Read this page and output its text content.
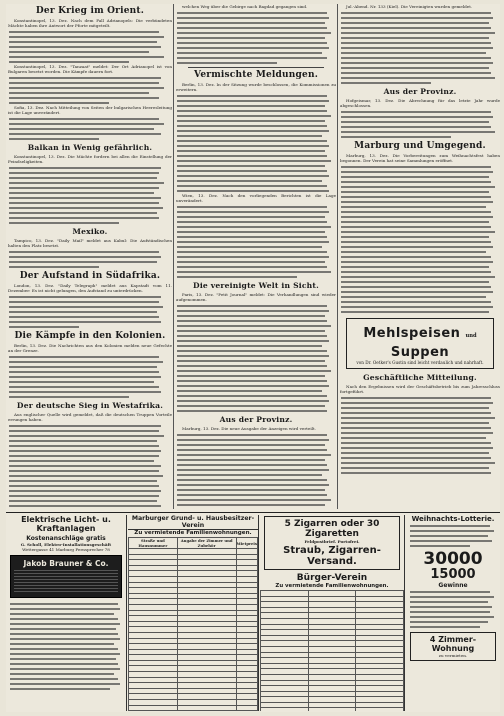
Der Krieg im Orient.

Konstantinopel, 13. Dez. Nach dem Fall Adrianopels: Die verbündeten Mächte haben ihre Antwort der Pforte mitgeteilt.

Konstantinopel, 13. Dez. "Tanzaat" meldet: Der Ort Adrianopel ist von Bulgaren besetzt worden. Die Kämpfe dauern fort.

Sofia, 13. Dez. Nach Mitteilung von Seiten der bulgarischen Heeresleitung ist die Lage unverändert.

Balkan in Wenig gefährlich.

Konstantinopel, 13. Dez. Die Mächte fordern bei allen die Einstellung der Feindseligkeiten.

Mexiko.

Tampico, 13. Dez. "Daily Mail" meldet aus Kabul: Die Aufständischen halten den Platz besetzt.

Der Aufstand in Südafrika.

London, 13. Dez. "Daily Telegraph" meldet aus Kapstadt vom 11. Dezember: Es ist nicht gelungen, den Aufstand zu unterdrücken.

Die Kämpfe in den Kolonien.

Berlin, 13. Dez. Die Nachrichten aus den Kolonien melden neue Gefechte an der Grenze.

Der deutsche Sieg in Westafrika.

Aus englischer Quelle wird gemeldet, daß die deutschen Truppen Vorteile errungen haben.

welchen Weg über die Gebirge nach Bagdad gegangen sind.

Vermischte Meldungen.

Berlin, 13. Dez. In der Sitzung wurde beschlossen, die Kommissionen zu erweitern.

Wien, 13. Dez. Nach den vorliegenden Berichten ist die Lage unverändert.

Die vereinigte Welt in Sicht.

Paris, 13. Dez. "Petit Journal" meldet: Die Verhandlungen sind wieder aufgenommen.

Aus der Provinz.

Marburg, 13. Dez. Die neue Ausgabe der Anzeigen wird verteilt.

Jul.-Abend. Nr. 133 (Kiel). Die Vereinigten wurden gemeldet.

Aus der Provinz.

Hofgeismar, 13. Dez. Die Abrechnung für das letzte Jahr wurde abgeschlossen.

Marburg und Umgegend.

Marburg, 13. Dez. Die Vorbereitungen zum Weihnachtsfest haben begonnen. Der Verein hat seine Sammlungen eröffnet.

Mehlspeisen und Suppen
von Dr. Oetker's Gustin sind leicht verdaulich und nahrhaft.
Geschäftliche Mitteilung.

Nach den Ergebnissen wird der Geschäftsbetrieb bis zum Jahresschluss fortgeführt.

Elektrische Licht- u. Kraftanlagen
Kostenanschläge gratis
G. Scholl, Elektro-Installationsgeschäft
Wettergasse 41 Marburg Fernsprecher 78
Jakob Brauner & Co.
Marburger Grund- u. Hausbesitzer-Verein
Zu vermietende Familienwohnungen.
Straße und Hausnummer	Angabe der Zimmer und Zubehör	Mietpreis

5 Zigarren oder 30 Zigaretten
Feldpostbrief. Portofrei.
Straub, Zigarren-Versand.
Bürger-Verein
Zu vermietende Familienwohnungen.

Weihnachts-Lotterie.
30000
15000
Gewinne
4 Zimmer-Wohnung
zu vermieten.
